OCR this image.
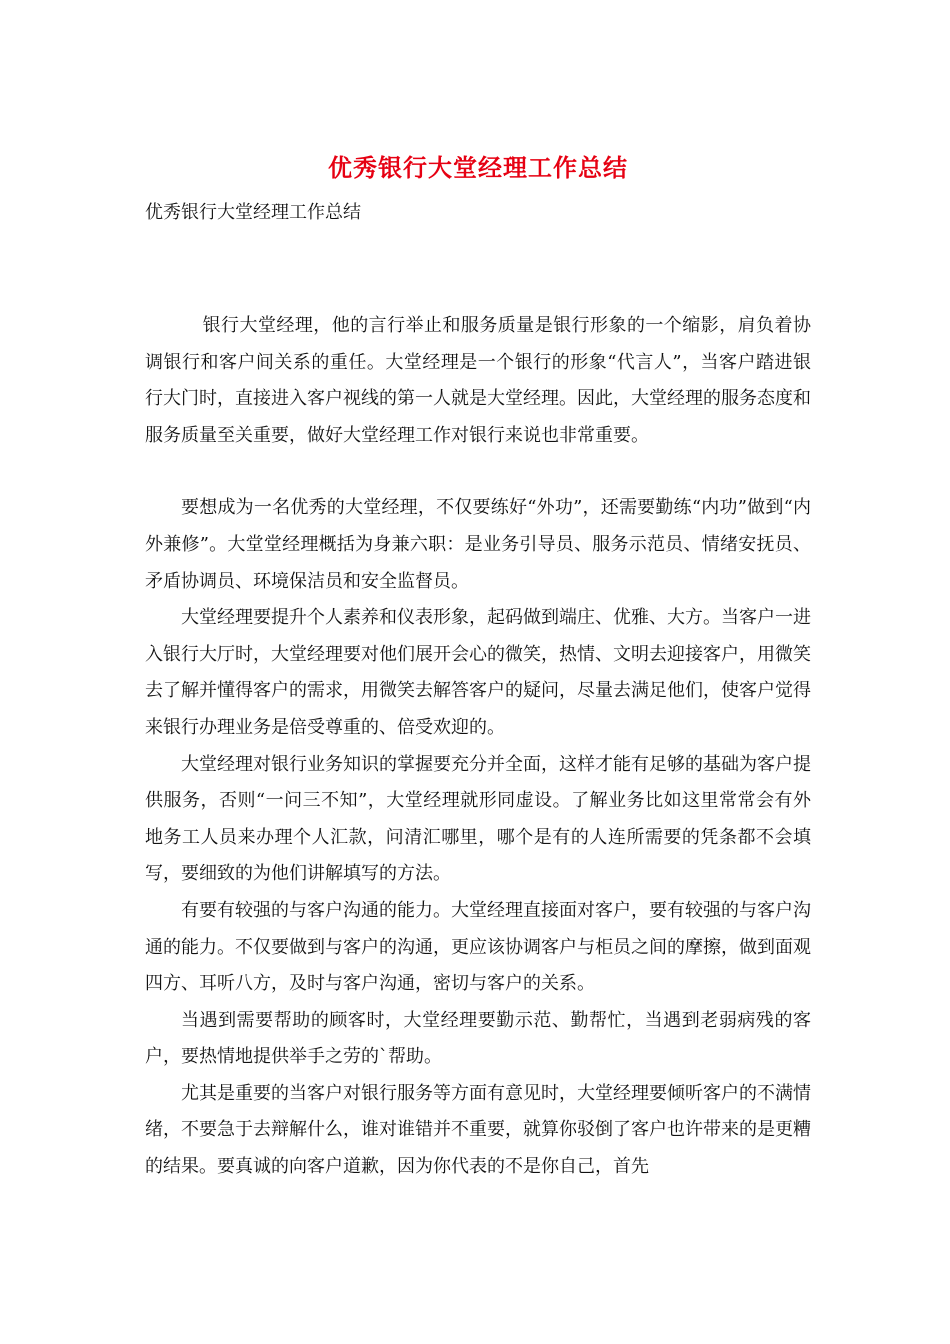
优秀银行大堂经理工作总结

优秀银行大堂经理工作总结

银行大堂经理，他的言行举止和服务质量是银行形象的一个缩影，肩负着协调银行和客户间关系的重任。大堂经理是一个银行的形象“代言人”，当客户踏进银行大门时，直接进入客户视线的第一人就是大堂经理。因此，大堂经理的服务态度和服务质量至关重要，做好大堂经理工作对银行来说也非常重要。

要想成为一名优秀的大堂经理，不仅要练好“外功”，还需要勤练“内功”做到“内外兼修”。大堂堂经理概括为身兼六职：是业务引导员、服务示范员、情绪安抚员、矛盾协调员、环境保洁员和安全监督员。

大堂经理要提升个人素养和仪表形象，起码做到端庄、优雅、大方。当客户一进入银行大厅时，大堂经理要对他们展开会心的微笑，热情、文明去迎接客户，用微笑去了解并懂得客户的需求，用微笑去解答客户的疑问，尽量去满足他们，使客户觉得来银行办理业务是倍受尊重的、倍受欢迎的。

大堂经理对银行业务知识的掌握要充分并全面，这样才能有足够的基础为客户提供服务，否则“一问三不知”，大堂经理就形同虚设。了解业务比如这里常常会有外地务工人员来办理个人汇款，问清汇哪里，哪个是有的人连所需要的凭条都不会填写，要细致的为他们讲解填写的方法。

有要有较强的与客户沟通的能力。大堂经理直接面对客户，要有较强的与客户沟通的能力。不仅要做到与客户的沟通，更应该协调客户与柜员之间的摩擦，做到面观四方、耳听八方，及时与客户沟通，密切与客户的关系。

当遇到需要帮助的顾客时，大堂经理要勤示范、勤帮忙，当遇到老弱病残的客户，要热情地提供举手之劳的`帮助。

尤其是重要的当客户对银行服务等方面有意见时，大堂经理要倾听客户的不满情绪，不要急于去辩解什么，谁对谁错并不重要，就算你驳倒了客户也许带来的是更糟的结果。要真诚的向客户道歉，因为你代表的不是你自己，首先
